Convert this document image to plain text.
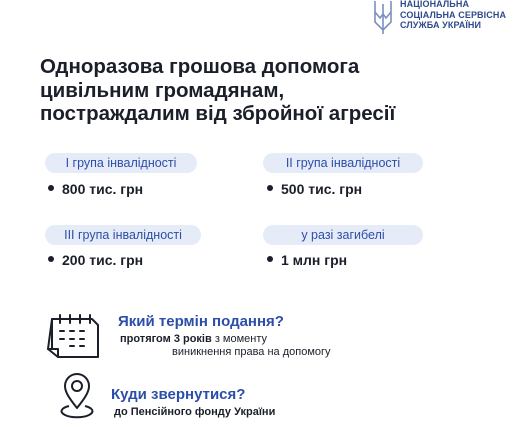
НАЦІОНАЛЬНА
СОЦІАЛЬНА СЕРВІСНА
СЛУЖБА УКРАЇНИ
Одноразова грошова допомога
цивільним громадянам,
постраждалим від збройної агресії
І група інвалідності
800 тис. грн
ІІ група інвалідності
500 тис. грн
ІІІ група інвалідності
200 тис. грн
у разі загибелі
1 млн грн
Який термін подання?
протягом 3 років з моменту
виникнення права на допомогу
Куди звернутися?
до Пенсійного фонду України
